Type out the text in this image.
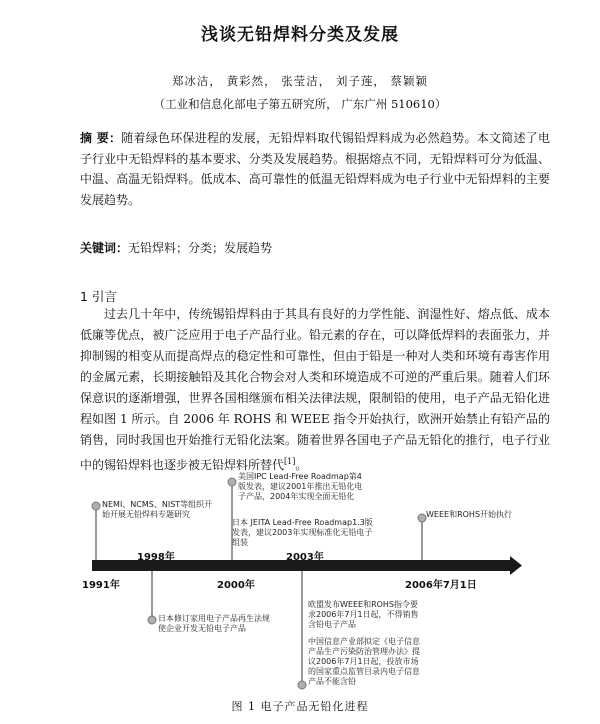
浅谈无铅焊料分类及发展
郑冰洁， 黄彩然， 张莹洁， 刘子莲， 蔡颖颖
（工业和信息化部电子第五研究所， 广东广州 510610）
摘 要：随着绿色环保进程的发展，无铅焊料取代锡铅焊料成为必然趋势。本文简述了电子行业中无铅焊料的基本要求、分类及发展趋势。根据熔点不同，无铅焊料可分为低温、中温、高温无铅焊料。低成本、高可靠性的低温无铅焊料成为电子行业中无铅焊料的主要发展趋势。
关键词：无铅焊料；分类；发展趋势
1 引言
过去几十年中，传统锡铅焊料由于其具有良好的力学性能、润湿性好、熔点低、成本低廉等优点，被广泛应用于电子产品行业。铅元素的存在，可以降低焊料的表面张力，并抑制锡的相变从而提高焊点的稳定性和可靠性，但由于铅是一种对人类和环境有毒害作用的金属元素，长期接触铅及其化合物会对人类和环境造成不可逆的严重后果。随着人们环保意识的逐渐增强，世界各国相继颁布相关法律法规，限制铅的使用，电子产品无铅化进程如图 1 所示。自 2006 年 ROHS 和 WEEE 指令开始执行，欧洲开始禁止有铅产品的销售，同时我国也开始推行无铅化法案。随着世界各国电子产品无铅化的推行，电子行业中的锡铅焊料也逐步被无铅焊料所替代[1]。
1991年
1998年
2000年
2003年
2006年7月1日
NEMI、NCMS、NIST等组织开始开展无铅焊料专题研究
美国IPC Lead-Free Roadmap第4版发表，建议2001年推出无铅化电子产品，2004年实现全面无铅化
日本 JEITA Lead-Free Roadmap1.3版发表，建议2003年实现标准化无铅电子组装
WEEE和ROHS开始执行
日本修订家用电子产品再生法规使企业开发无铅电子产品
欧盟发布WEEE和ROHS指令要求2006年7月1日起，不得销售含铅电子产品
中国信息产业部拟定《电子信息产品生产污染防治管理办法》提议2006年7月1日起，投放市场的国家重点监管目录内电子信息产品不能含铅
图 1 电子产品无铅化进程
